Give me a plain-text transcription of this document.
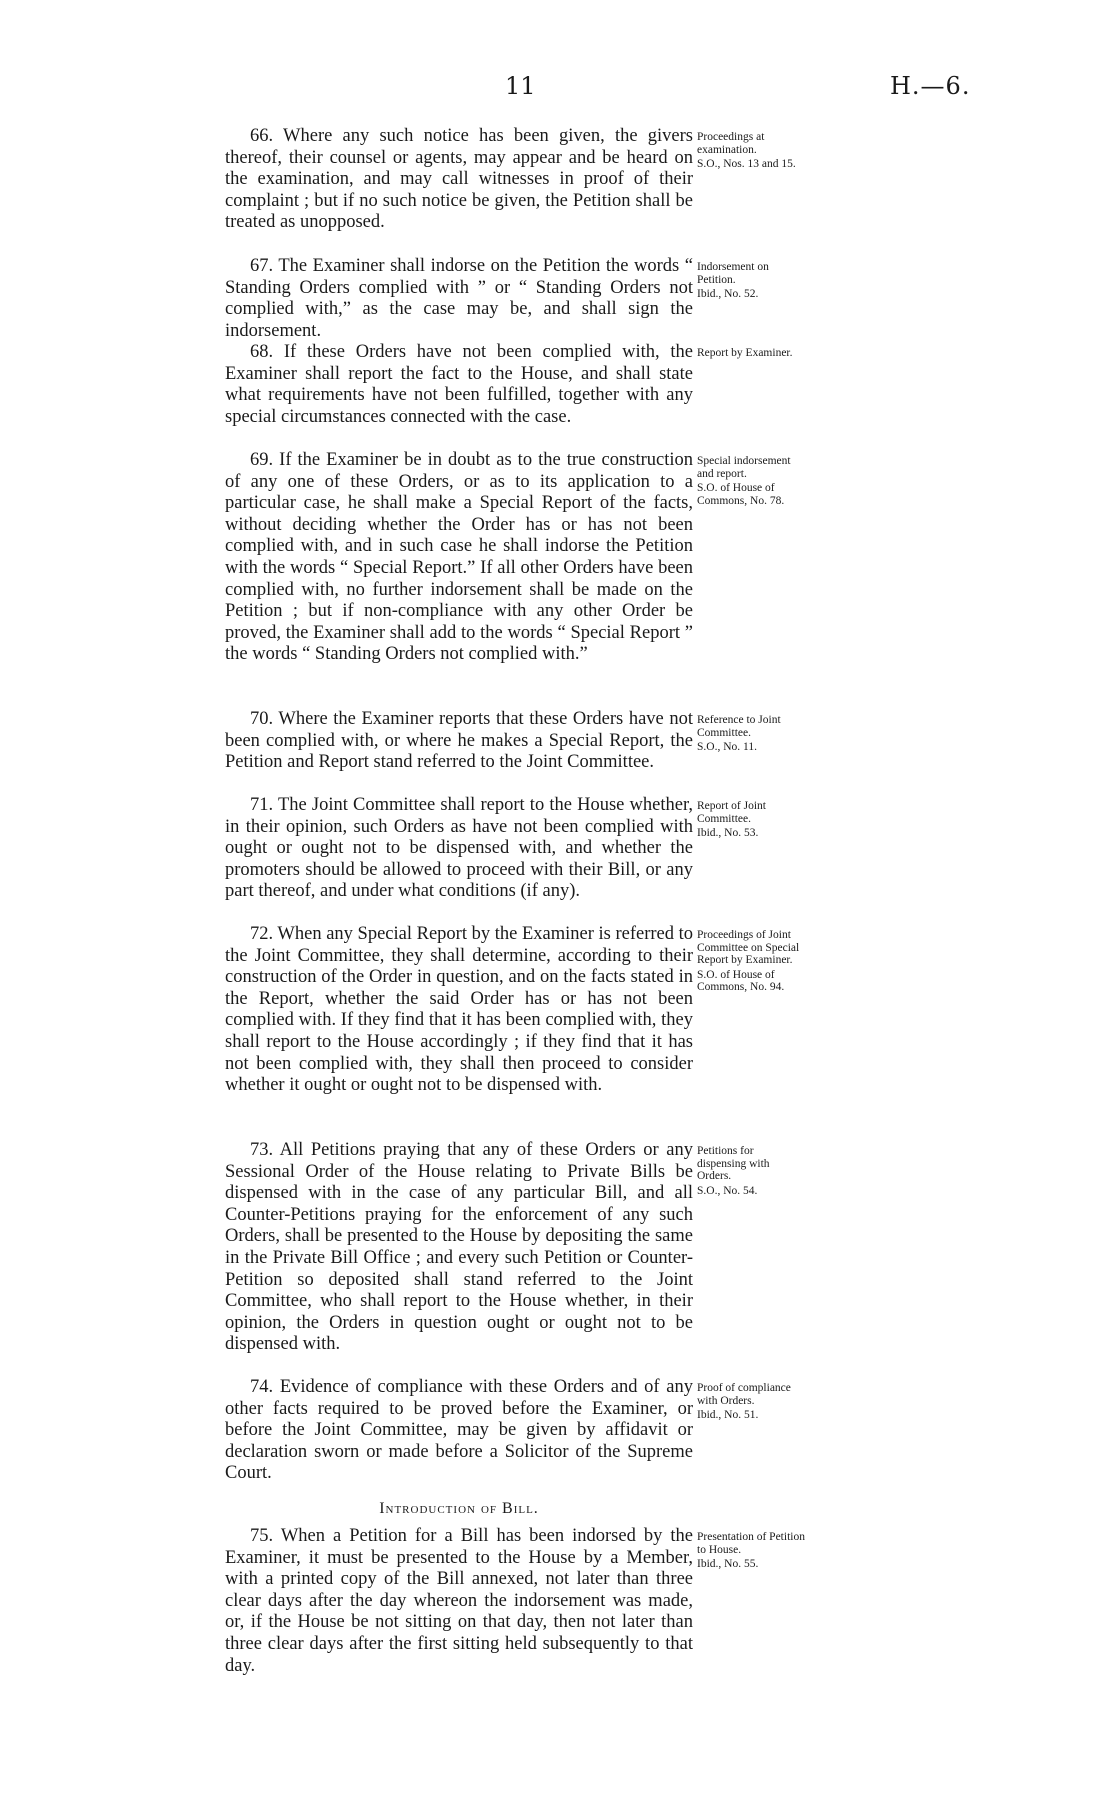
11	H.—6.

66. Where any such notice has been given, the givers thereof, their counsel or agents, may appear and be heard on the examination, and may call witnesses in proof of their complaint ; but if no such notice be given, the Petition shall be treated as unopposed.

Proceedings at examination.
S.O., Nos. 13 and 15.

67. The Examiner shall indorse on the Petition the words “ Standing Orders complied with ” or “ Standing Orders not complied with,” as the case may be, and shall sign the indorsement.

Indorsement on Petition.
Ibid., No. 52.

68. If these Orders have not been complied with, the Examiner shall report the fact to the House, and shall state what requirements have not been fulfilled, together with any special circumstances connected with the case.

Report by Examiner.

69. If the Examiner be in doubt as to the true construction of any one of these Orders, or as to its application to a particular case, he shall make a Special Report of the facts, without deciding whether the Order has or has not been complied with, and in such case he shall indorse the Petition with the words “ Special Report.” If all other Orders have been complied with, no further indorsement shall be made on the Petition ; but if non-compliance with any other Order be proved, the Examiner shall add to the words “ Special Report ” the words “ Standing Orders not complied with.”

Special indorsement and report.
S.O. of House of Commons, No. 78.

70. Where the Examiner reports that these Orders have not been complied with, or where he makes a Special Report, the Petition and Report stand referred to the Joint Committee.

Reference to Joint Committee.
S.O., No. 11.

71. The Joint Committee shall report to the House whether, in their opinion, such Orders as have not been complied with ought or ought not to be dispensed with, and whether the promoters should be allowed to proceed with their Bill, or any part thereof, and under what conditions (if any).

Report of Joint Committee.
Ibid., No. 53.

72. When any Special Report by the Examiner is referred to the Joint Committee, they shall determine, according to their construction of the Order in question, and on the facts stated in the Report, whether the said Order has or has not been complied with. If they find that it has been complied with, they shall report to the House accordingly ; if they find that it has not been complied with, they shall then proceed to consider whether it ought or ought not to be dispensed with.

Proceedings of Joint Committee on Special Report by Examiner.
S.O. of House of Commons, No. 94.

73. All Petitions praying that any of these Orders or any Sessional Order of the House relating to Private Bills be dispensed with in the case of any particular Bill, and all Counter-Petitions praying for the enforcement of any such Orders, shall be presented to the House by depositing the same in the Private Bill Office ; and every such Petition or Counter-Petition so deposited shall stand referred to the Joint Committee, who shall report to the House whether, in their opinion, the Orders in question ought or ought not to be dispensed with.

Petitions for dispensing with Orders.
S.O., No. 54.

74. Evidence of compliance with these Orders and of any other facts required to be proved before the Examiner, or before the Joint Committee, may be given by affidavit or declaration sworn or made before a Solicitor of the Supreme Court.

Proof of compliance with Orders.
Ibid., No. 51.
Introduction of Bill.

75. When a Petition for a Bill has been indorsed by the Examiner, it must be presented to the House by a Member, with a printed copy of the Bill annexed, not later than three clear days after the day whereon the indorsement was made, or, if the House be not sitting on that day, then not later than three clear days after the first sitting held subsequently to that day.

Presentation of Petition to House.
Ibid., No. 55.
